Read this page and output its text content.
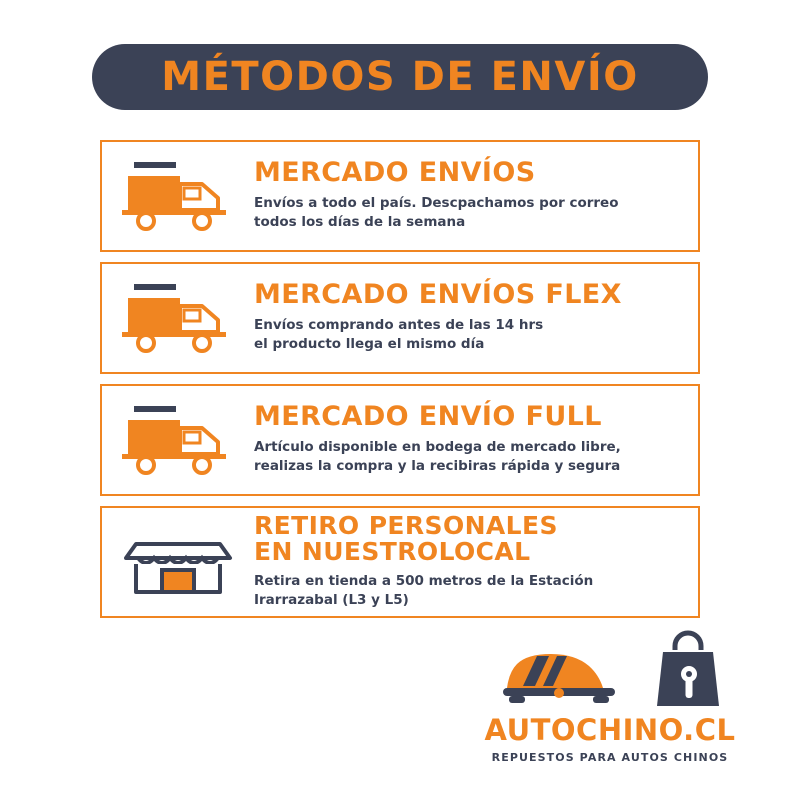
MÉTODOS DE ENVÍO
MERCADO ENVÍOS
Envíos a todo el país. Descpachamos por correo
todos los días de la semana
MERCADO ENVÍOS FLEX
Envíos comprando antes de las 14 hrs
el producto llega el mismo día
MERCADO ENVÍO FULL
Artículo disponible en bodega de mercado libre,
realizas la compra y la recibiras rápida y segura
RETIRO PERSONALES
EN NUESTROLOCAL
Retira en tienda a 500 metros de la Estación
Irarrazabal (L3 y L5)
AUTOCHINO.CL
REPUESTOS PARA AUTOS CHINOS
